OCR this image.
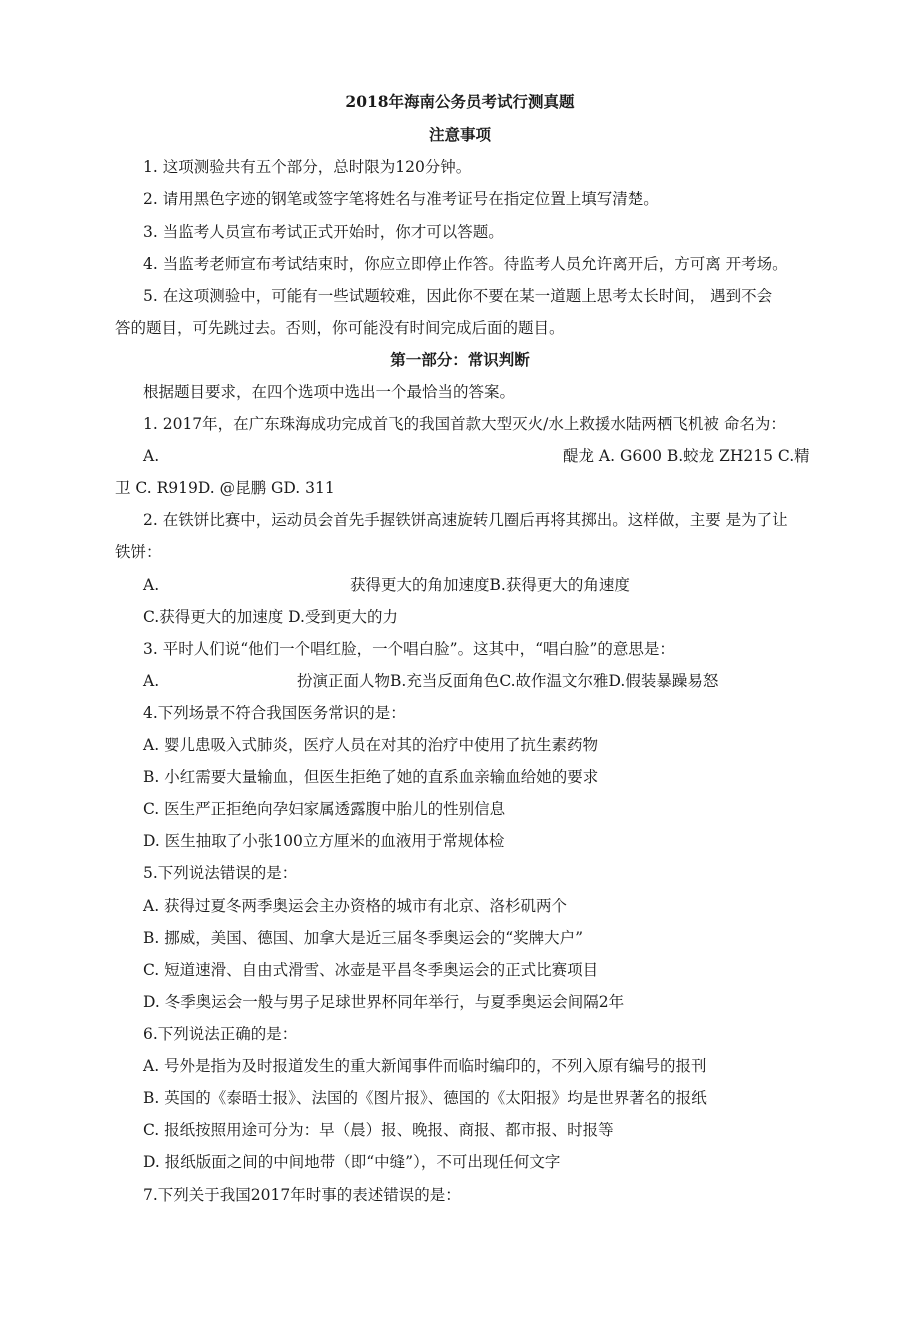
2018年海南公务员考试行测真题
注意事项
1. 这项测验共有五个部分，总时限为120分钟。
2. 请用黑色字迹的钢笔或签字笔将姓名与准考证号在指定位置上填写清楚。
3. 当监考人员宣布考试正式开始时，你才可以答题。
4. 当监考老师宣布考试结束时，你应立即停止作答。待监考人员允许离开后，方可离 开考场。
5. 在这项测验中，可能有一些试题较难，因此你不要在某一道题上思考太长时间， 遇到不会
答的题目，可先跳过去。否则，你可能没有时间完成后面的题目。
第一部分：常识判断
根据题目要求，在四个选项中选出一个最恰当的答案。
1. 2017年，在广东珠海成功完成首飞的我国首款大型灭火/水上救援水陆两栖飞机被 命名为：
A.	醍龙 A. G600 B.蛟龙 ZH215 C.精
卫 C. R919D. @昆鹏 GD. 311
2. 在铁饼比赛中，运动员会首先手握铁饼高速旋转几圈后再将其掷出。这样做，主要 是为了让
铁饼：
A.	获得更大的角加速度B.获得更大的角速度
C.获得更大的加速度 D.受到更大的力
3. 平时人们说“他们一个唱红脸，一个唱白脸”。这其中，“唱白脸”的意思是：
A.	扮演正面人物B.充当反面角色C.故作温文尔雅D.假装暴躁易怒
4.下列场景不符合我国医务常识的是：
A. 婴儿患吸入式肺炎，医疗人员在对其的治疗中使用了抗生素药物
B. 小红需要大量输血，但医生拒绝了她的直系血亲输血给她的要求
C. 医生严正拒绝向孕妇家属透露腹中胎儿的性别信息
D. 医生抽取了小张100立方厘米的血液用于常规体检
5.下列说法错误的是：
A. 获得过夏冬两季奥运会主办资格的城市有北京、洛杉矶两个
B. 挪威，美国、德国、加拿大是近三届冬季奥运会的“奖牌大户”
C. 短道速滑、自由式滑雪、冰壶是平昌冬季奥运会的正式比赛项目
D. 冬季奥运会一般与男子足球世界杯同年举行，与夏季奥运会间隔2年
6.下列说法正确的是：
A. 号外是指为及时报道发生的重大新闻事件而临时编印的，不列入原有编号的报刊
B. 英国的《泰晤士报》、法国的《图片报》、德国的《太阳报》均是世界著名的报纸
C. 报纸按照用途可分为：早（晨）报、晚报、商报、都市报、时报等
D. 报纸版面之间的中间地带（即“中缝”），不可出现任何文字
7.下列关于我国2017年时事的表述错误的是：
